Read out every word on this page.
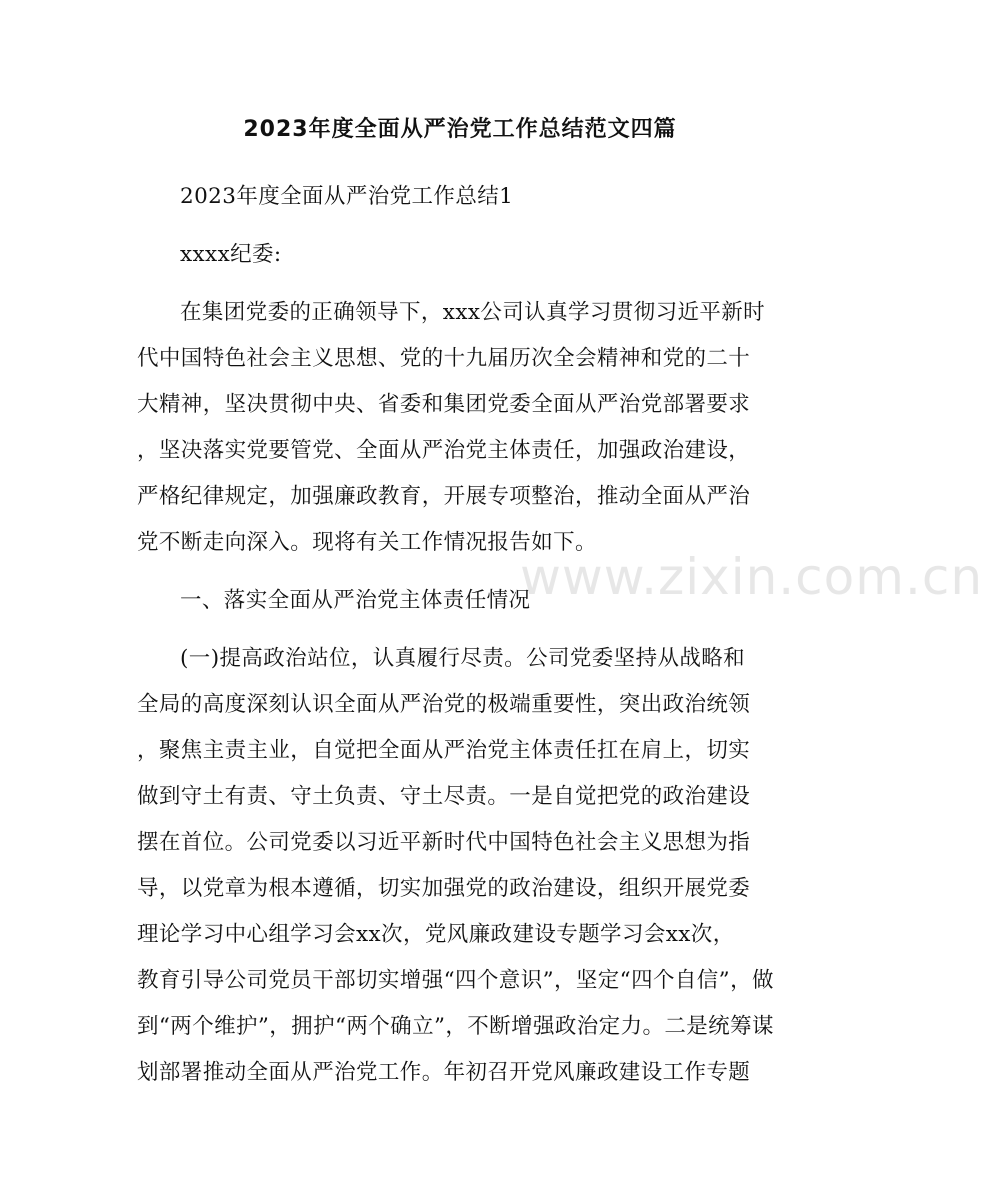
www.zixin.com.cn
2023年度全面从严治党工作总结范文四篇
2023年度全面从严治党工作总结1
xxxx纪委:
在集团党委的正确领导下，xxx公司认真学习贯彻习近平新时
代中国特色社会主义思想、党的十九届历次全会精神和党的二十
大精神，坚决贯彻中央、省委和集团党委全面从严治党部署要求
，坚决落实党要管党、全面从严治党主体责任，加强政治建设，
严格纪律规定，加强廉政教育，开展专项整治，推动全面从严治
党不断走向深入。现将有关工作情况报告如下。
一、落实全面从严治党主体责任情况
(一)提高政治站位，认真履行尽责。公司党委坚持从战略和
全局的高度深刻认识全面从严治党的极端重要性，突出政治统领
，聚焦主责主业，自觉把全面从严治党主体责任扛在肩上，切实
做到守土有责、守土负责、守土尽责。一是自觉把党的政治建设
摆在首位。公司党委以习近平新时代中国特色社会主义思想为指
导，以党章为根本遵循，切实加强党的政治建设，组织开展党委
理论学习中心组学习会xx次，党风廉政建设专题学习会xx次，
教育引导公司党员干部切实增强“四个意识”，坚定“四个自信”，做
到“两个维护”，拥护“两个确立”，不断增强政治定力。二是统筹谋
划部署推动全面从严治党工作。年初召开党风廉政建设工作专题
